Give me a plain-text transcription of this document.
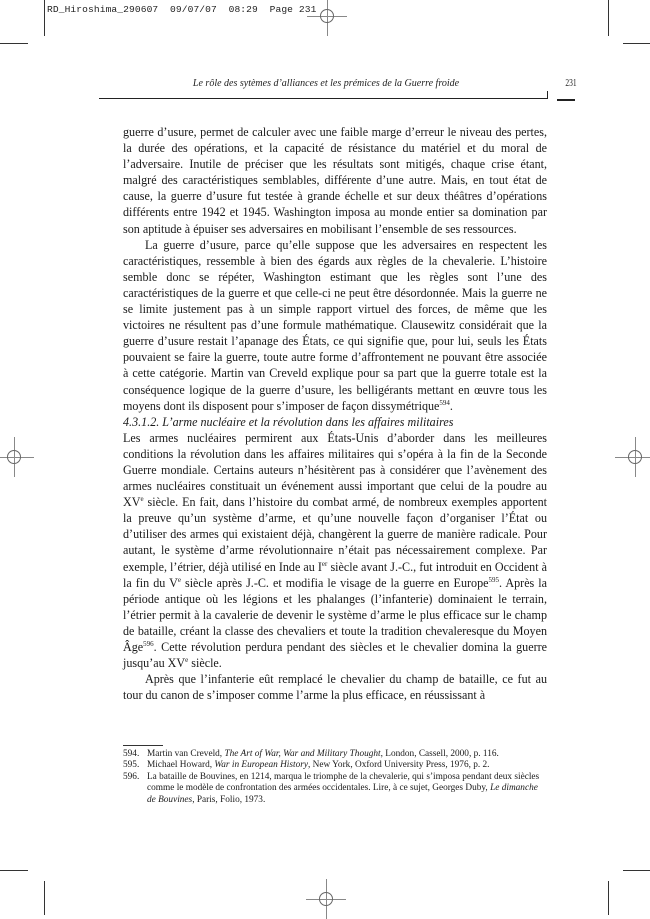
RD_Hiroshima_290607 09/07/07 08:29 Page 231
Le rôle des sytèmes d’alliances et les prémices de la Guerre froide	231

guerre d’usure, permet de calculer avec une faible marge d’erreur le niveau des pertes, la durée des opérations, et la capacité de résistance du matériel et du moral de l’adversaire. Inutile de préciser que les résultats sont mitigés, chaque crise étant, malgré des caractéristiques semblables, différente d’une autre. Mais, en tout état de cause, la guerre d’usure fut testée à grande échelle et sur deux théâtres d’opérations différents entre 1942 et 1945. Washington imposa au monde entier sa domination par son aptitude à épuiser ses adversaires en mobilisant l’ensemble de ses ressources.

La guerre d’usure, parce qu’elle suppose que les adversaires en respectent les caractéristiques, ressemble à bien des égards aux règles de la chevalerie. L’histoire semble donc se répéter, Washington estimant que les règles sont l’une des caractéristiques de la guerre et que celle-ci ne peut être désordonnée. Mais la guerre ne se limite justement pas à un simple rapport virtuel des forces, de même que les victoires ne résultent pas d’une formule mathématique. Clausewitz considérait que la guerre d’usure restait l’apanage des États, ce qui signifie que, pour lui, seuls les États pouvaient se faire la guerre, toute autre forme d’affrontement ne pouvant être associée à cette catégorie. Martin van Creveld explique pour sa part que la guerre totale est la conséquence logique de la guerre d’usure, les belligérants mettant en œuvre tous les moyens dont ils disposent pour s’imposer de façon dissymétrique$^{594}$.

4.3.1.2. L’arme nucléaire et la révolution dans les affaires militaires

Les armes nucléaires permirent aux États-Unis d’aborder dans les meilleures conditions la révolution dans les affaires militaires qui s’opéra à la fin de la Seconde Guerre mondiale. Certains auteurs n’hésitèrent pas à considérer que l’avènement des armes nucléaires constituait un événement aussi important que celui de la poudre au XVe siècle. En fait, dans l’histoire du combat armé, de nombreux exemples apportent la preuve qu’un système d’arme, et qu’une nouvelle façon d’organiser l’État ou d’utiliser des armes qui existaient déjà, changèrent la guerre de manière radicale. Pour autant, le système d’arme révolutionnaire n’était pas nécessairement complexe. Par exemple, l’étrier, déjà utilisé en Inde au Ier siècle avant J.-C., fut introduit en Occident à la fin du Ve siècle après J.-C. et modifia le visage de la guerre en Europe$^{595}$. Après la période antique où les légions et les phalanges (l’infanterie) dominaient le terrain, l’étrier permit à la cavalerie de devenir le système d’arme le plus efficace sur le champ de bataille, créant la classe des chevaliers et toute la tradition chevaleresque du Moyen Âge$^{596}$. Cette révolution perdura pendant des siècles et le chevalier domina la guerre jusqu’au XVe siècle.

Après que l’infanterie eût remplacé le chevalier du champ de bataille, ce fut au tour du canon de s’imposer comme l’arme la plus efficace, en réussissant à

594. Martin van Creveld, The Art of War, War and Military Thought, London, Cassell, 2000, p. 116.
595. Michael Howard, War in European History, New York, Oxford University Press, 1976, p. 2.
596. La bataille de Bouvines, en 1214, marqua le triomphe de la chevalerie, qui s’imposa pendant deux siècles comme le modèle de confrontation des armées occidentales. Lire, à ce sujet, Georges Duby, Le dimanche de Bouvines, Paris, Folio, 1973.
